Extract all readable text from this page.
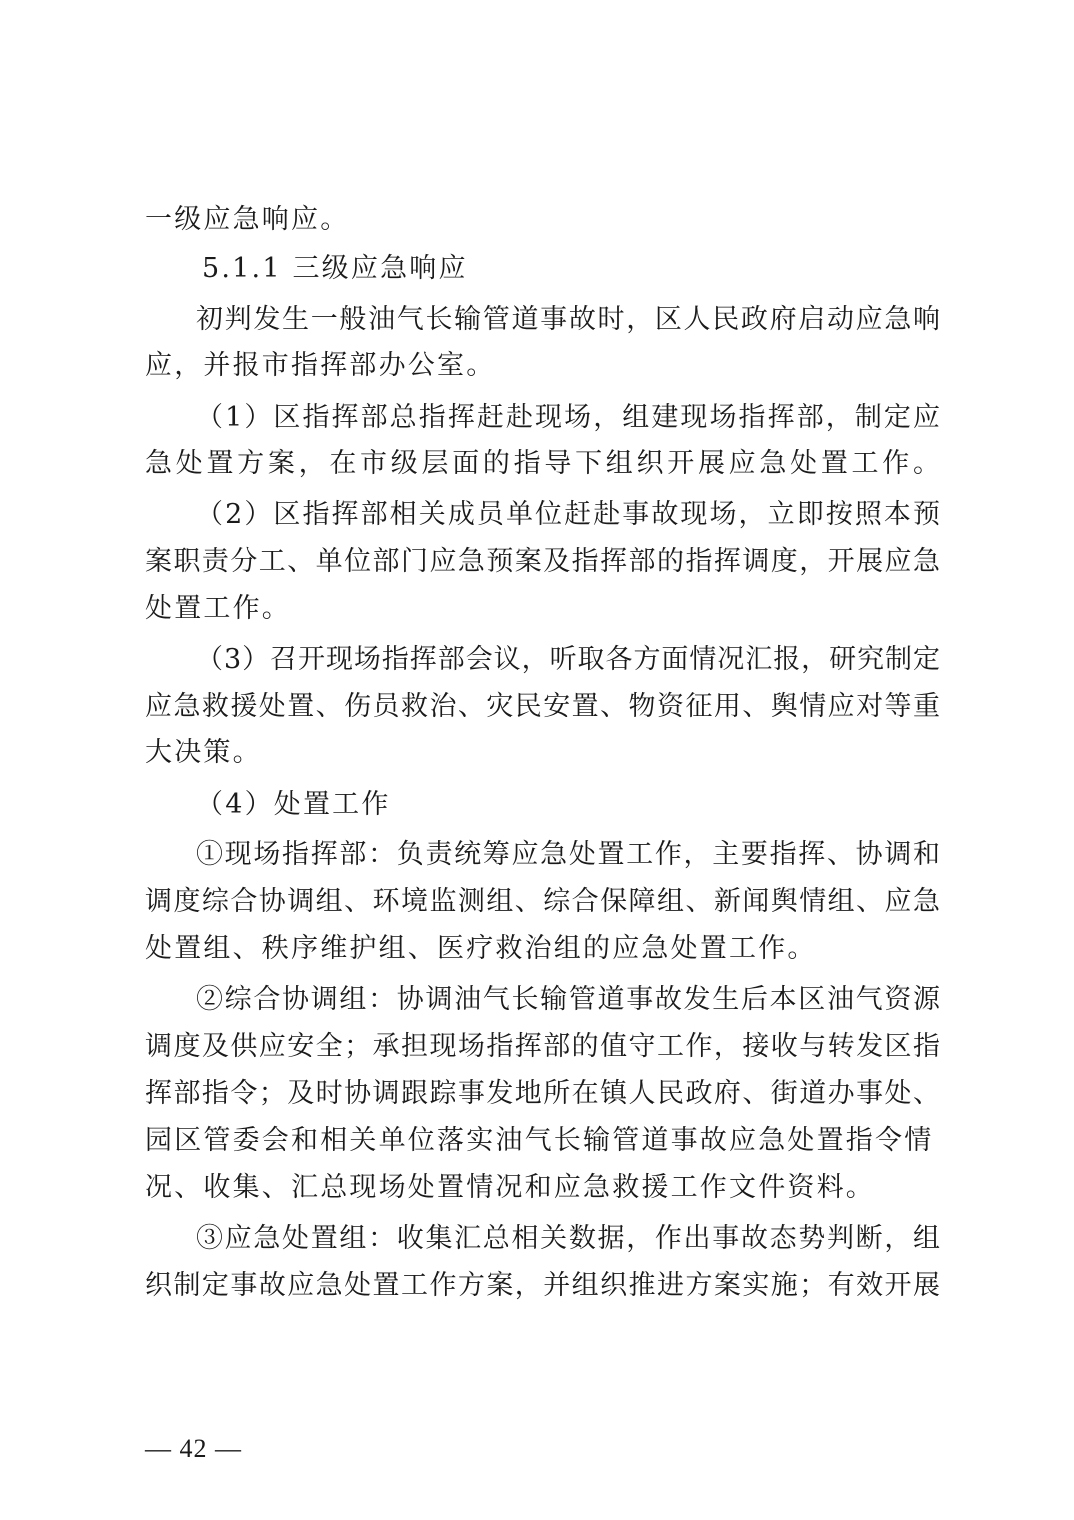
一级应急响应。
5.1.1 三级应急响应
初判发生一般油气长输管道事故时，区人民政府启动应急响
应，并报市指挥部办公室。
（1）区指挥部总指挥赶赴现场，组建现场指挥部，制定应
急处置方案，在市级层面的指导下组织开展应急处置工作。
（2）区指挥部相关成员单位赶赴事故现场，立即按照本预
案职责分工、单位部门应急预案及指挥部的指挥调度，开展应急
处置工作。
（3）召开现场指挥部会议，听取各方面情况汇报，研究制定
应急救援处置、伤员救治、灾民安置、物资征用、舆情应对等重
大决策。
（4）处置工作
①现场指挥部：负责统筹应急处置工作，主要指挥、协调和
调度综合协调组、环境监测组、综合保障组、新闻舆情组、应急
处置组、秩序维护组、医疗救治组的应急处置工作。
②综合协调组：协调油气长输管道事故发生后本区油气资源
调度及供应安全；承担现场指挥部的值守工作，接收与转发区指
挥部指令；及时协调跟踪事发地所在镇人民政府、街道办事处、
园区管委会和相关单位落实油气长输管道事故应急处置指令情
况、收集、汇总现场处置情况和应急救援工作文件资料。
③应急处置组：收集汇总相关数据，作出事故态势判断，组
织制定事故应急处置工作方案，并组织推进方案实施；有效开展
— 42 —
